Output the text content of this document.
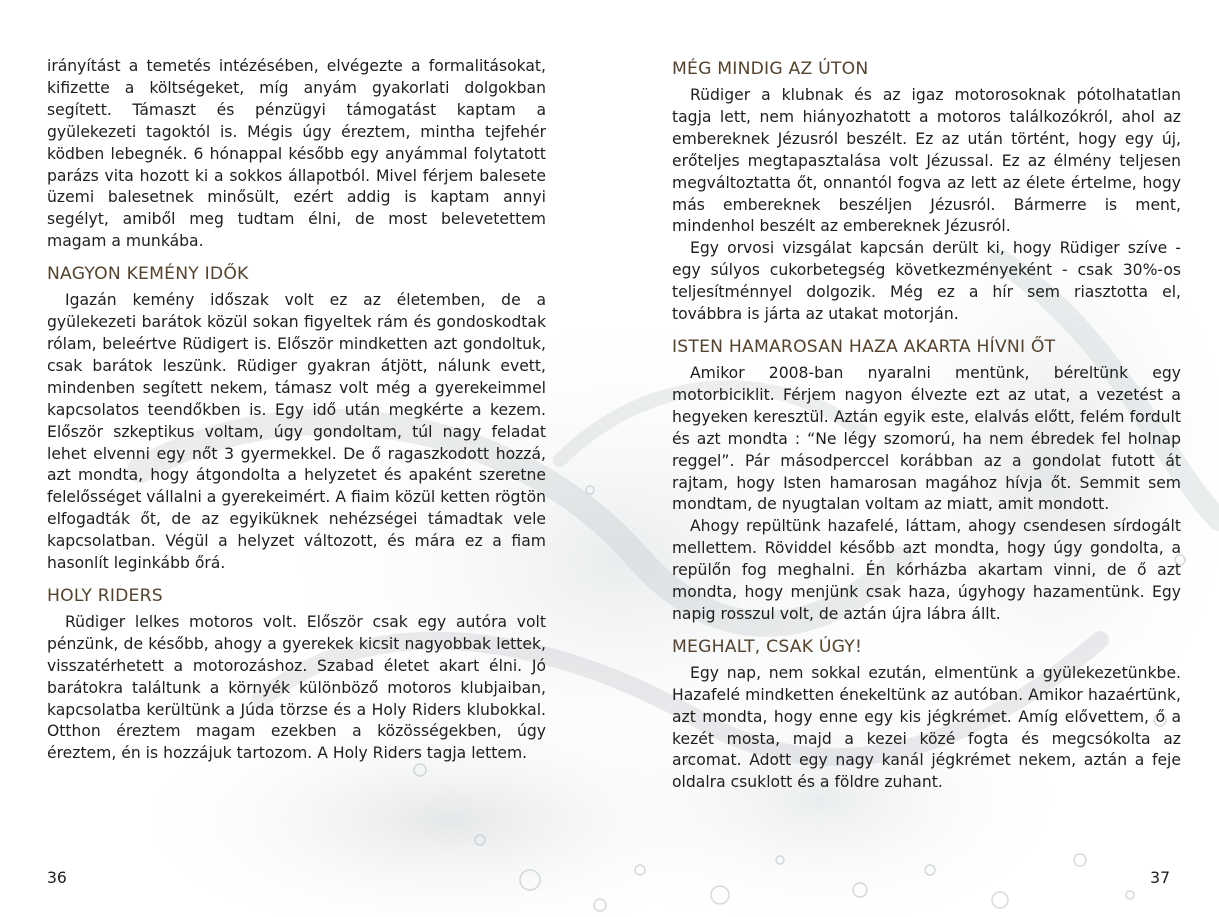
irányítást a temetés intézésében, elvégezte a formalitásokat, kifizette a költségeket, míg anyám gyakorlati dolgokban segített. Támaszt és pénzügyi támogatást kaptam a gyülekezeti tagoktól is. Mégis úgy éreztem, mintha tejfehér ködben lebegnék. 6 hónappal később egy anyámmal folytatott parázs vita hozott ki a sokkos állapotból. Mivel férjem balesete üzemi balesetnek minősült, ezért addig is kaptam annyi segélyt, amiből meg tudtam élni, de most belevetettem magam a munkába.

NAGYON KEMÉNY IDŐK

Igazán kemény időszak volt ez az életemben, de a gyülekezeti barátok közül sokan figyeltek rám és gondoskodtak rólam, beleértve Rüdigert is. Először mindketten azt gondoltuk, csak barátok leszünk. Rüdiger gyakran átjött, nálunk evett, mindenben segített nekem, támasz volt még a gyerekeimmel kapcsolatos teendőkben is. Egy idő után megkérte a kezem. Először szkeptikus voltam, úgy gondoltam, túl nagy feladat lehet elvenni egy nőt 3 gyermekkel. De ő ragaszkodott hozzá, azt mondta, hogy átgondolta a helyzetet és apaként szeretne felelősséget vállalni a gyerekeimért. A fiaim közül ketten rögtön elfogadták őt, de az egyiküknek nehézségei támadtak vele kapcsolatban. Végül a helyzet változott, és mára ez a fiam hasonlít leginkább őrá.

HOLY RIDERS

Rüdiger lelkes motoros volt. Először csak egy autóra volt pénzünk, de később, ahogy a gyerekek kicsit nagyobbak lettek, visszatérhetett a motorozáshoz. Szabad életet akart élni. Jó barátokra találtunk a környék különböző motoros klubjaiban, kapcsolatba kerültünk a Júda törzse és a Holy Riders klubokkal. Otthon éreztem magam ezekben a közösségekben, úgy éreztem, én is hozzájuk tartozom. A Holy Riders tagja lettem.

36
MÉG MINDIG AZ ÚTON

Rüdiger a klubnak és az igaz motorosoknak pótolhatatlan tagja lett, nem hiányozhatott a motoros találkozókról, ahol az embereknek Jézusról beszélt. Ez az után történt, hogy egy új, erőteljes megtapasztalása volt Jézussal. Ez az élmény teljesen megváltoztatta őt, onnantól fogva az lett az élete értelme, hogy más embereknek beszéljen Jézusról. Bármerre is ment, mindenhol beszélt az embereknek Jézusról.

Egy orvosi vizsgálat kapcsán derült ki, hogy Rüdiger szíve - egy súlyos cukorbetegség következményeként - csak 30%-os teljesítménnyel dolgozik. Még ez a hír sem riasztotta el, továbbra is járta az utakat motorján.

ISTEN HAMAROSAN HAZA AKARTA HÍVNI ŐT

Amikor 2008-ban nyaralni mentünk, béreltünk egy motorbiciklit. Férjem nagyon élvezte ezt az utat, a vezetést a hegyeken keresztül. Aztán egyik este, elalvás előtt, felém fordult és azt mondta : “Ne légy szomorú, ha nem ébredek fel holnap reggel”. Pár másodperccel korábban az a gondolat futott át rajtam, hogy Isten hamarosan magához hívja őt. Semmit sem mondtam, de nyugtalan voltam az miatt, amit mondott.

Ahogy repültünk hazafelé, láttam, ahogy csendesen sírdogált mellettem. Röviddel később azt mondta, hogy úgy gondolta, a repülőn fog meghalni. Én kórházba akartam vinni, de ő azt mondta, hogy menjünk csak haza, úgyhogy hazamentünk. Egy napig rosszul volt, de aztán újra lábra állt.

MEGHALT, CSAK ÚGY!

Egy nap, nem sokkal ezután, elmentünk a gyülekezetünkbe. Hazafelé mindketten énekeltünk az autóban. Amikor hazaértünk, azt mondta, hogy enne egy kis jégkrémet. Amíg elővettem, ő a kezét mosta, majd a kezei közé fogta és megcsókolta az arcomat. Adott egy nagy kanál jégkrémet nekem, aztán a feje oldalra csuklott és a földre zuhant.

37
